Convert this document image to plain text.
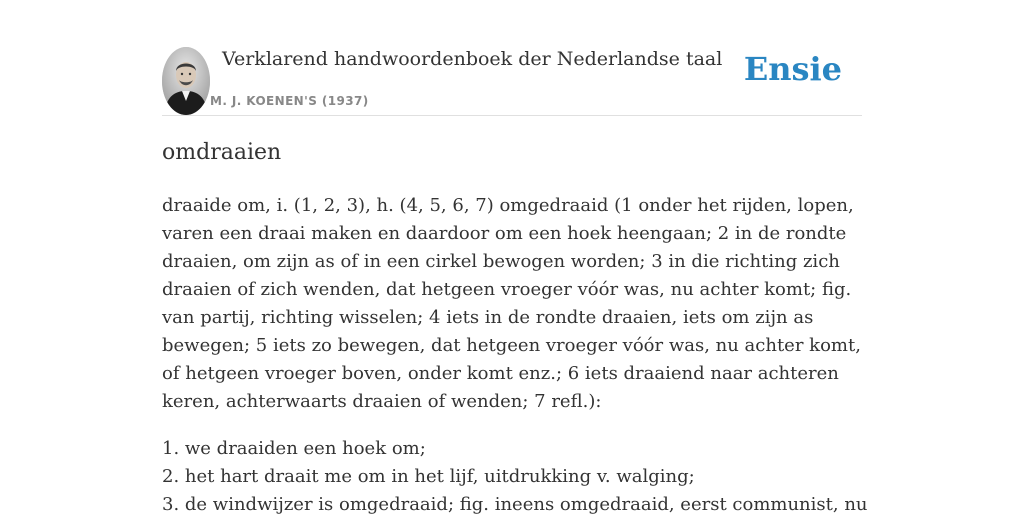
Verklarend handwoordenboek der Nederlandse taal
M. J. KOENEN'S (1937)
Ensie
omdraaien

draaide om, i. (1, 2, 3), h. (4, 5, 6, 7) omgedraaid (1 onder het rijden, lopen, varen een draai maken en daardoor om een hoek heengaan; 2 in de rondte draaien, om zijn as of in een cirkel bewogen worden; 3 in die richting zich draaien of zich wenden, dat hetgeen vroeger vóór was, nu achter komt; fig. van partij, richting wisselen; 4 iets in de rondte draaien, iets om zijn as bewegen; 5 iets zo bewegen, dat hetgeen vroeger vóór was, nu achter komt, of hetgeen vroeger boven, onder komt enz.; 6 iets draaiend naar achteren keren, achterwaarts draaien of wenden; 7 refl.):

1. we draaiden een hoek om;
2. het hart draait me om in het lijf, uitdrukking v. walging;
3. de windwijzer is omgedraaid; fig. ineens omgedraaid, eerst communist, nu
